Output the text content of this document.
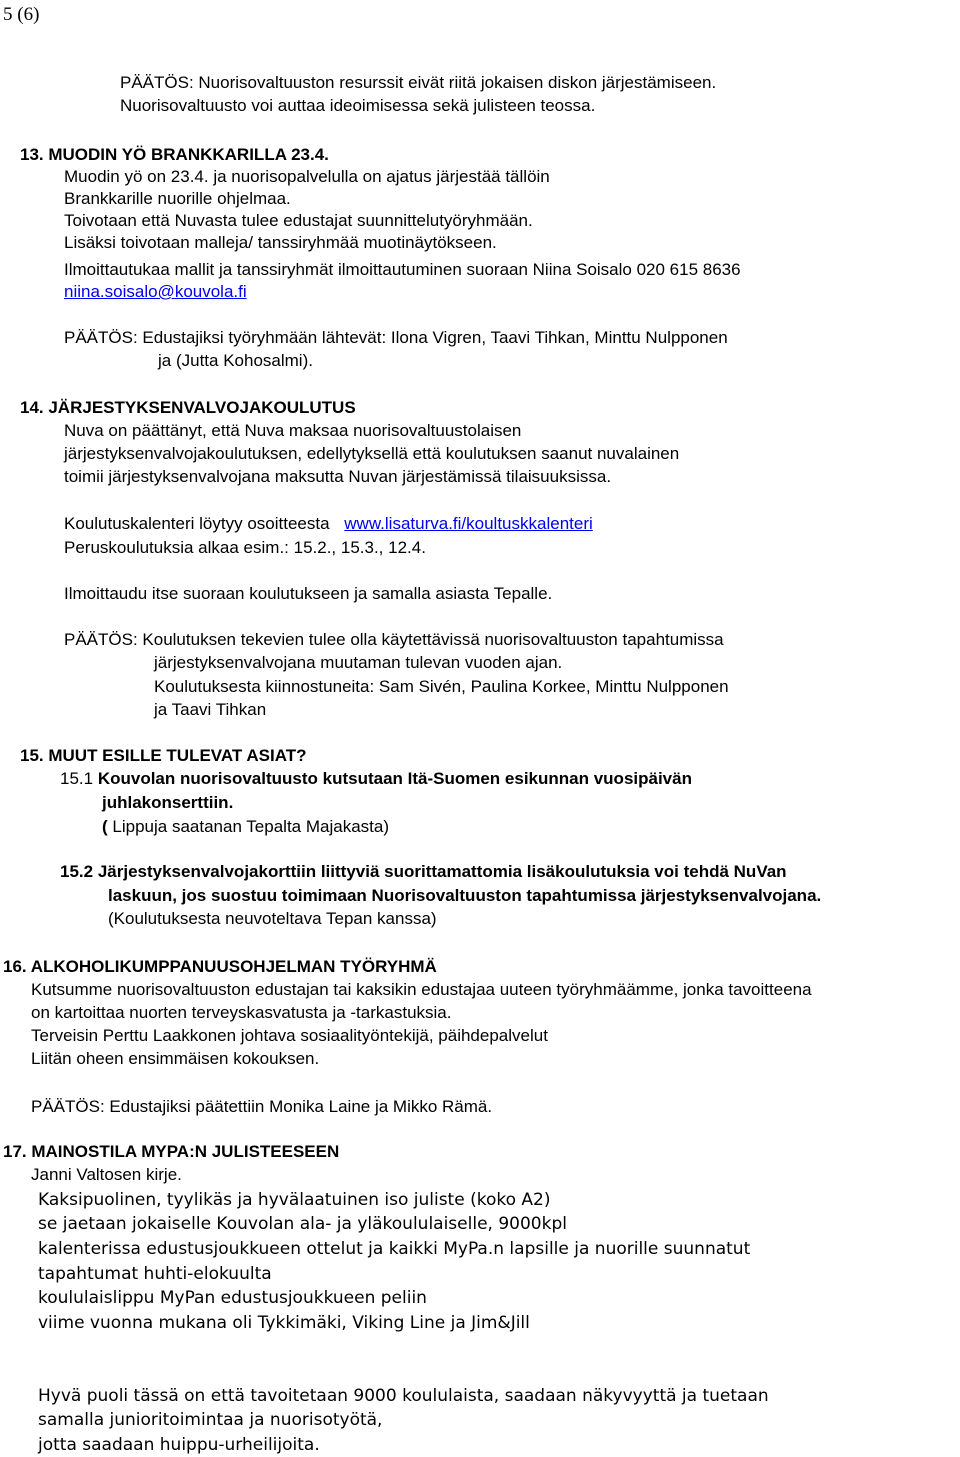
5 (6)
PÄÄTÖS: Nuorisovaltuuston resurssit eivät riitä jokaisen diskon järjestämiseen.
Nuorisovaltuusto voi auttaa ideoimisessa sekä julisteen teossa.
13. MUODIN YÖ BRANKKARILLA 23.4.
Muodin yö on 23.4. ja nuorisopalvelulla on ajatus järjestää tällöin
Brankkarille nuorille ohjelmaa.
Toivotaan että Nuvasta tulee edustajat suunnittelutyöryhmään.
Lisäksi toivotaan malleja/ tanssiryhmää muotinäytökseen.
Ilmoittautukaa mallit ja tanssiryhmät ilmoittautuminen suoraan Niina Soisalo 020 615 8636
niina.soisalo@kouvola.fi
PÄÄTÖS: Edustajiksi työryhmään lähtevät: Ilona Vigren, Taavi Tihkan, Minttu Nulpponen
ja (Jutta Kohosalmi).
14. JÄRJESTYKSENVALVOJAKOULUTUS
Nuva on päättänyt, että Nuva maksaa nuorisovaltuustolaisen
järjestyksenvalvojakoulutuksen, edellytyksellä että koulutuksen saanut nuvalainen
toimii järjestyksenvalvojana maksutta Nuvan järjestämissä tilaisuuksissa.
Koulutuskalenteri löytyy osoitteesta www.lisaturva.fi/koultuskkalenteri
Peruskoulutuksia alkaa esim.: 15.2., 15.3., 12.4.
Ilmoittaudu itse suoraan koulutukseen ja samalla asiasta Tepalle.
PÄÄTÖS: Koulutuksen tekevien tulee olla käytettävissä nuorisovaltuuston tapahtumissa
järjestyksenvalvojana muutaman tulevan vuoden ajan.
Koulutuksesta kiinnostuneita: Sam Sivén, Paulina Korkee, Minttu Nulpponen
ja Taavi Tihkan
15. MUUT ESILLE TULEVAT ASIAT?
15.1 Kouvolan nuorisovaltuusto kutsutaan Itä-Suomen esikunnan vuosipäivän
juhlakonserttiin.
( Lippuja saatanan Tepalta Majakasta)
15.2 Järjestyksenvalvojakorttiin liittyviä suorittamattomia lisäkoulutuksia voi tehdä NuVan
laskuun, jos suostuu toimimaan Nuorisovaltuuston tapahtumissa järjestyksenvalvojana.
(Koulutuksesta neuvoteltava Tepan kanssa)
16. ALKOHOLIKUMPPANUUSOHJELMAN TYÖRYHMÄ
Kutsumme nuorisovaltuuston edustajan tai kaksikin edustajaa uuteen työryhmäämme, jonka tavoitteena
on kartoittaa nuorten terveyskasvatusta ja -tarkastuksia.
Terveisin Perttu Laakkonen johtava sosiaalityöntekijä, päihdepalvelut
Liitän oheen ensimmäisen kokouksen.
PÄÄTÖS: Edustajiksi päätettiin Monika Laine ja Mikko Rämä.
17. MAINOSTILA MYPA:N JULISTEESEEN
Janni Valtosen kirje.
Kaksipuolinen, tyylikäs ja hyvälaatuinen iso juliste (koko A2)
se jaetaan jokaiselle Kouvolan ala- ja yläkoululaiselle, 9000kpl
kalenterissa edustusjoukkueen ottelut ja kaikki MyPa.n lapsille ja nuorille suunnatut
tapahtumat huhti-elokuulta
koululaislippu MyPan edustusjoukkueen peliin
viime vuonna mukana oli Tykkimäki, Viking Line ja Jim&Jill
Hyvä puoli tässä on että tavoitetaan 9000 koululaista, saadaan näkyvyyttä ja tuetaan
samalla junioritoimintaa ja nuorisotyötä,
jotta saadaan huippu-urheilijoita.
